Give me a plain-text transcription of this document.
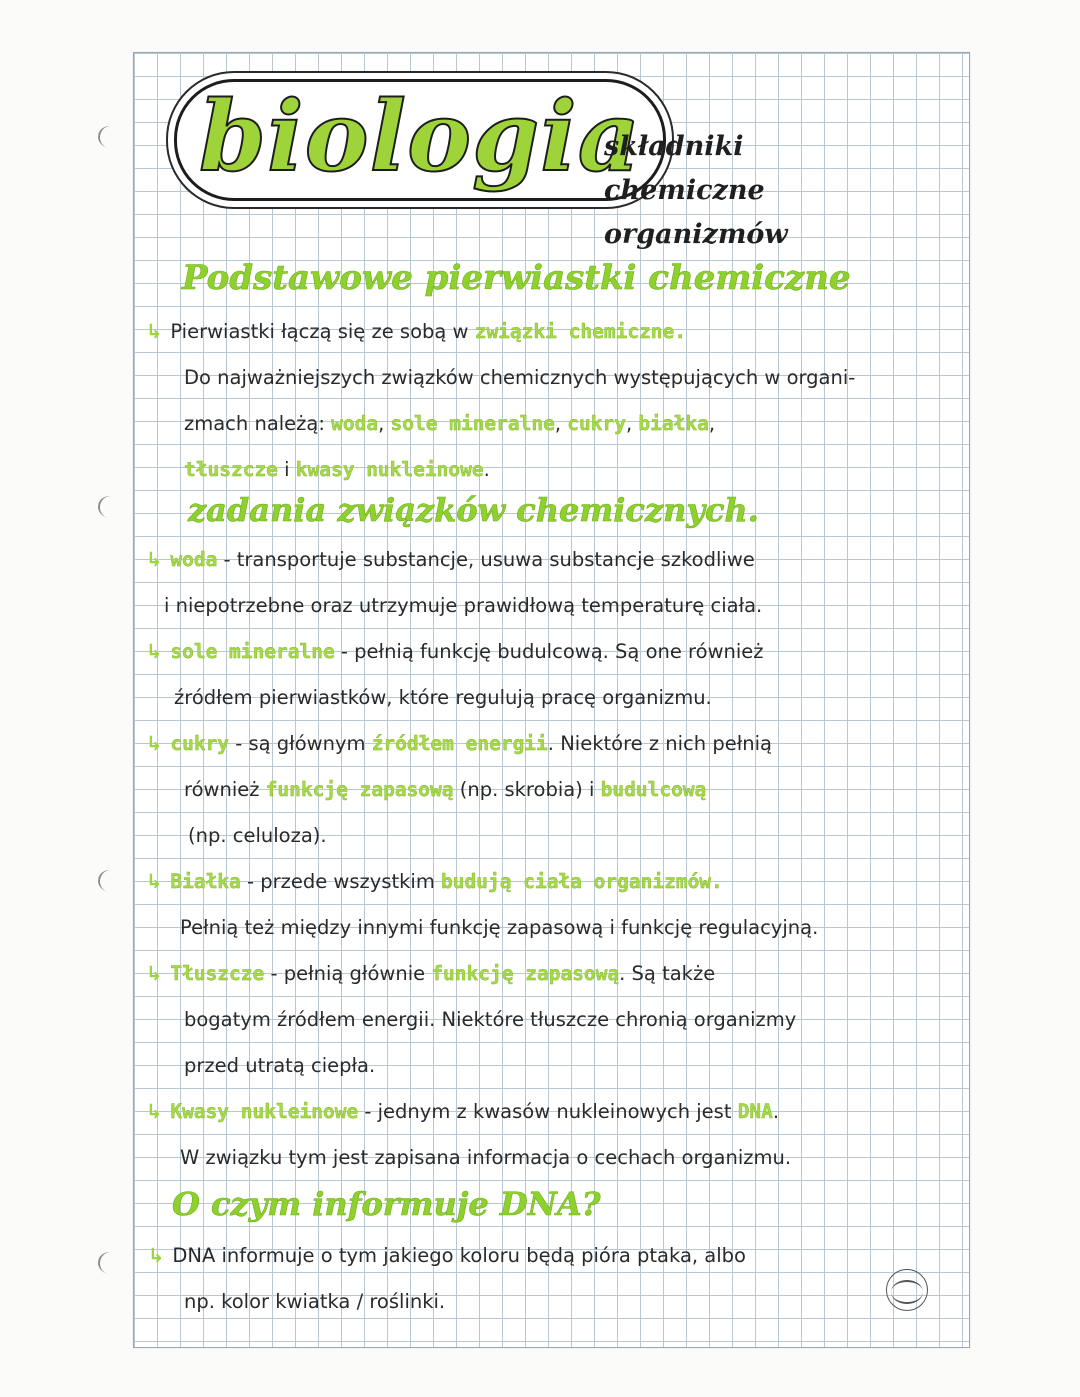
biologia
składniki
chemiczne
organizmów
Podstawowe pierwiastki chemiczne
↳ Pierwiastki łączą się ze sobą w związki chemiczne.
Do najważniejszych związków chemicznych występujących w organi-
zmach należą: woda, sole mineralne, cukry, białka,
tłuszcze i kwasy nukleinowe.
zadania związków chemicznych.
↳ woda - transportuje substancje, usuwa substancje szkodliwe
i niepotrzebne oraz utrzymuje prawidłową temperaturę ciała.
↳ sole mineralne - pełnią funkcję budulcową. Są one również
źródłem pierwiastków, które regulują pracę organizmu.
↳ cukry - są głównym źródłem energii. Niektóre z nich pełnią
również funkcję zapasową (np. skrobia) i budulcową
(np. celuloza).
↳ Białka - przede wszystkim budują ciała organizmów.
Pełnią też między innymi funkcję zapasową i funkcję regulacyjną.
↳ Tłuszcze - pełnią głównie funkcję zapasową. Są także
bogatym źródłem energii. Niektóre tłuszcze chronią organizmy
przed utratą ciepła.
↳ Kwasy nukleinowe - jednym z kwasów nukleinowych jest DNA.
W związku tym jest zapisana informacja o cechach organizmu.
O czym informuje DNA?
↳ DNA informuje o tym jakiego koloru będą pióra ptaka, albo
np. kolor kwiatka / roślinki.
